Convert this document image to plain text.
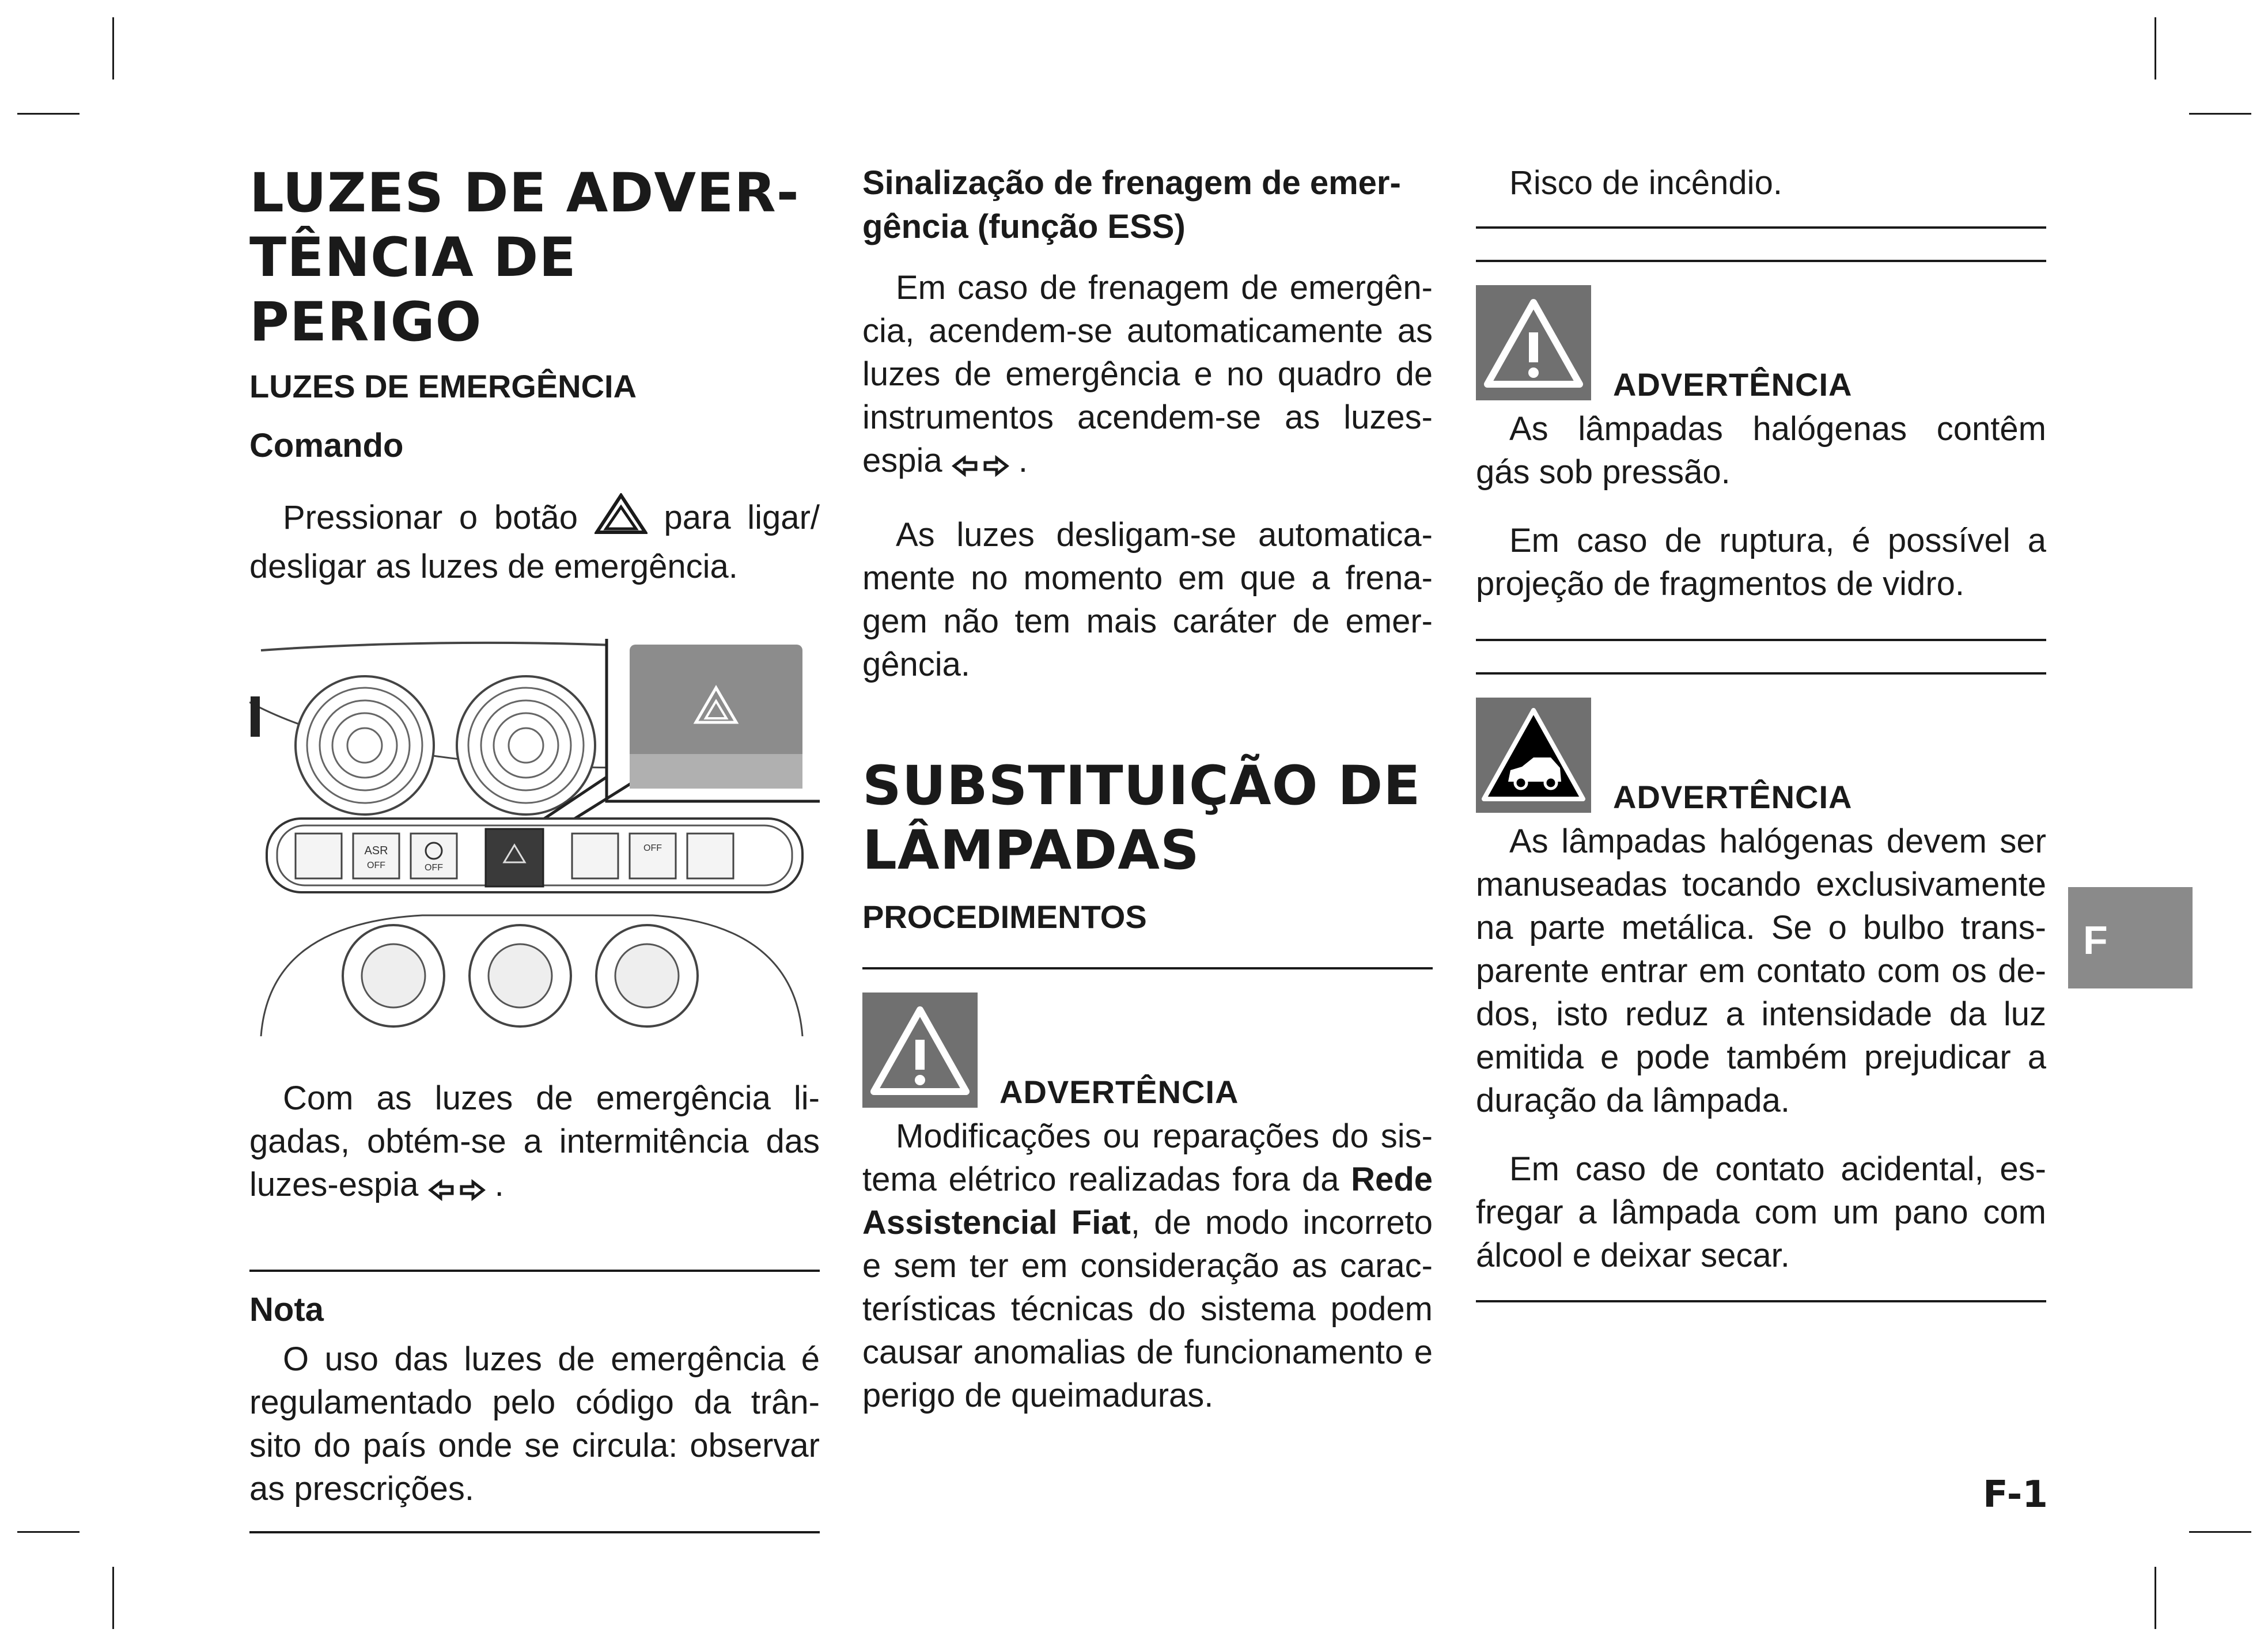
LUZES DE ADVER-
TÊNCIA DE PERIGO
LUZES DE EMERGÊNCIA
Comando

Pressionar o botão	para ligar/ desligar as luzes de emergência.

ASR
OFF	OFF
OFF

Com as luzes de emergência li-gadas, obtém-se a intermitência das luzes-espia .

Nota

O uso das luzes de emergência é regulamentado pelo código da trân-sito do país onde se circula: observar as prescrições.

Sinalização de frenagem de emer-gência (função ESS)

Em caso de frenagem de emergên-cia, acendem-se automaticamente as luzes de emergência e no quadro de instrumentos acendem-se as luzes-espia .

As luzes desligam-se automatica-mente no momento em que a frena-gem não tem mais caráter de emer-gência.

SUBSTITUIÇÃO DE
LÂMPADAS
PROCEDIMENTOS
ADVERTÊNCIA

Modificações ou reparações do sis-tema elétrico realizadas fora da Rede Assistencial Fiat, de modo incorreto e sem ter em consideração as carac-terísticas técnicas do sistema podem causar anomalias de funcionamento e perigo de queimaduras.

Risco de incêndio.

ADVERTÊNCIA

As lâmpadas halógenas contêm gás sob pressão.

Em caso de ruptura, é possível a projeção de fragmentos de vidro.

ADVERTÊNCIA

As lâmpadas halógenas devem ser manuseadas tocando exclusivamente na parte metálica. Se o bulbo trans-parente entrar em contato com os de-dos, isto reduz a intensidade da luz emitida e pode também prejudicar a duração da lâmpada.

Em caso de contato acidental, es-fregar a lâmpada com um pano com álcool e deixar secar.

F
F-1
